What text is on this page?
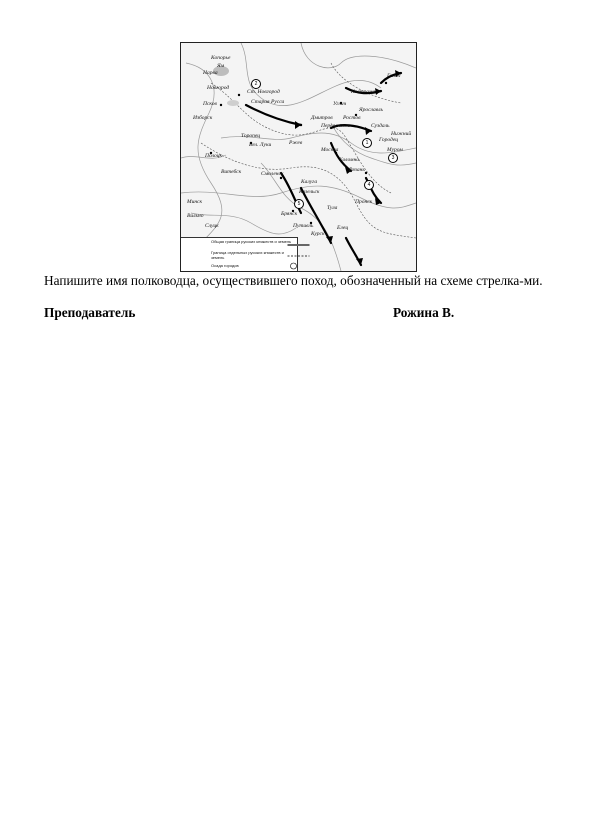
Копорье
Ям
Нарва
Новгород
Псков
Ст. Новгород
Старая Русса
Изборск
Торопец
Вел. Луки	Ржев
Углич
Кострома
Ярославль
Ростов
Суздаль
Дмитров
Переяславль
Городец
Галич
Москва
Рязань
Коломна
Муром
Нижний
Полоцк
Витебск	Смоленск
Калуга
Брянск
Козельск
Пронск
Минск
Вильно
Елец
Тула
Путивль
Курск
Слуцк
1
2
3
4
5
Общая граница русских княжеств и земель
Граница отдельных русских княжеств и земель
Осада городов
Напишите имя полководца, осуществившего поход, обозначенный на схеме стрелка-ми.
Преподаватель	Рожина В.
